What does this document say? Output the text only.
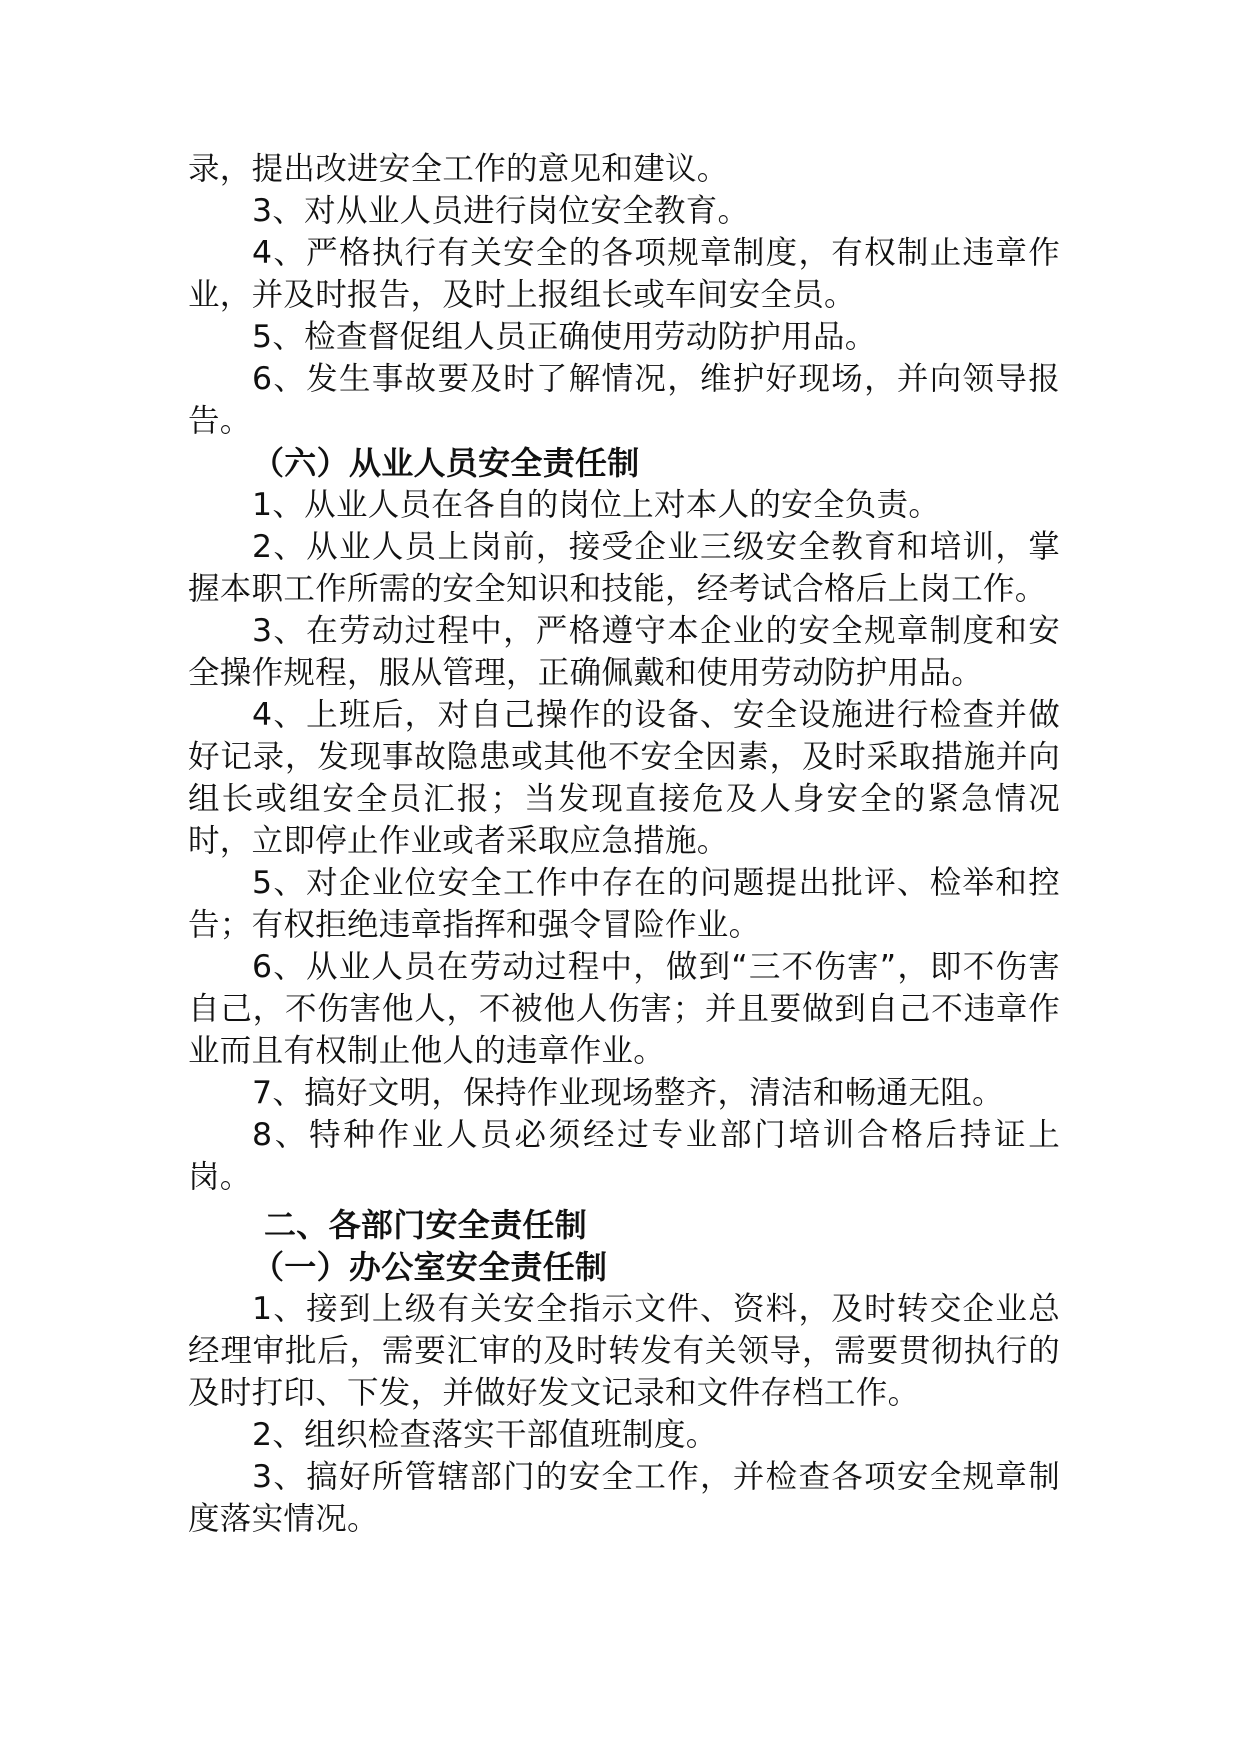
录，提出改进安全工作的意见和建议。

3、对从业人员进行岗位安全教育。

4、严格执行有关安全的各项规章制度，有权制止违章作业，并及时报告，及时上报组长或车间安全员。

5、检查督促组人员正确使用劳动防护用品。

6、发生事故要及时了解情况，维护好现场，并向领导报告。

（六）从业人员安全责任制

1、从业人员在各自的岗位上对本人的安全负责。

2、从业人员上岗前，接受企业三级安全教育和培训，掌握本职工作所需的安全知识和技能，经考试合格后上岗工作。

3、在劳动过程中，严格遵守本企业的安全规章制度和安全操作规程，服从管理，正确佩戴和使用劳动防护用品。

4、上班后，对自己操作的设备、安全设施进行检查并做好记录，发现事故隐患或其他不安全因素，及时采取措施并向组长或组安全员汇报；当发现直接危及人身安全的紧急情况时，立即停止作业或者采取应急措施。

5、对企业位安全工作中存在的问题提出批评、检举和控告；有权拒绝违章指挥和强令冒险作业。

6、从业人员在劳动过程中，做到“三不伤害”，即不伤害自己，不伤害他人，不被他人伤害；并且要做到自己不违章作业而且有权制止他人的违章作业。

7、搞好文明，保持作业现场整齐，清洁和畅通无阻。

8、特种作业人员必须经过专业部门培训合格后持证上岗。

二、各部门安全责任制

（一）办公室安全责任制

1、接到上级有关安全指示文件、资料，及时转交企业总经理审批后，需要汇审的及时转发有关领导，需要贯彻执行的及时打印、下发，并做好发文记录和文件存档工作。

2、组织检查落实干部值班制度。

3、搞好所管辖部门的安全工作，并检查各项安全规章制度落实情况。
